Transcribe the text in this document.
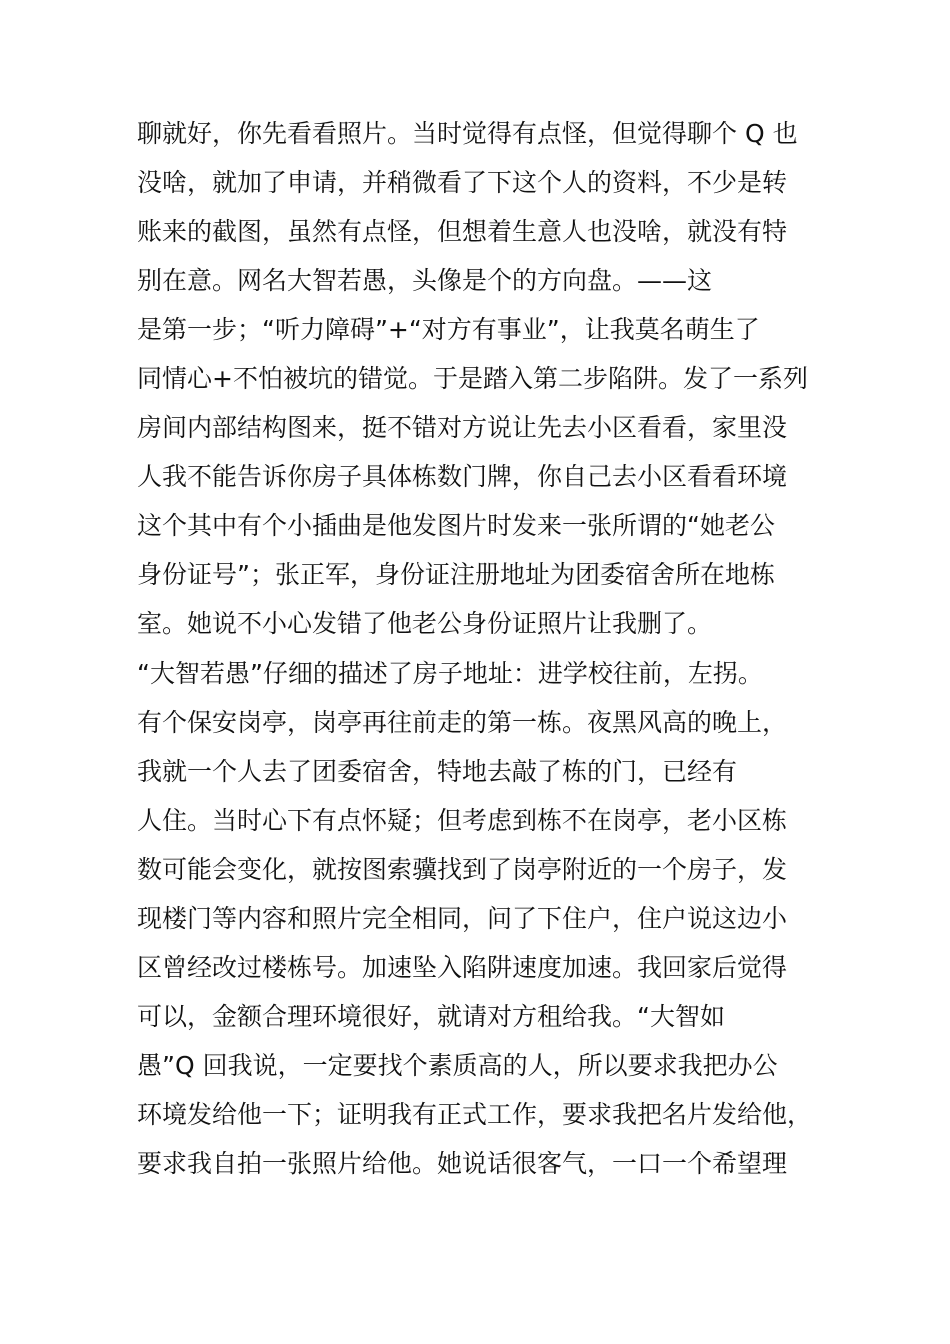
聊就好，你先看看照片。当时觉得有点怪，但觉得聊个 Q 也
没啥，就加了申请，并稍微看了下这个人的资料，不少是转
账来的截图，虽然有点怪，但想着生意人也没啥，就没有特
别在意。网名大智若愚，头像是个的方向盘。——这
是第一步；“听力障碍”+“对方有事业”，让我莫名萌生了
同情心+不怕被坑的错觉。于是踏入第二步陷阱。发了一系列
房间内部结构图来，挺不错对方说让先去小区看看，家里没
人我不能告诉你房子具体栋数门牌，你自己去小区看看环境
这个其中有个小插曲是他发图片时发来一张所谓的“她老公
身份证号”；张正军，身份证注册地址为团委宿舍所在地栋
室。她说不小心发错了他老公身份证照片让我删了。
“大智若愚”仔细的描述了房子地址：进学校往前，左拐。
有个保安岗亭，岗亭再往前走的第一栋。夜黑风高的晚上，
我就一个人去了团委宿舍，特地去敲了栋的门，已经有
人住。当时心下有点怀疑；但考虑到栋不在岗亭，老小区栋
数可能会变化，就按图索骥找到了岗亭附近的一个房子，发
现楼门等内容和照片完全相同，问了下住户，住户说这边小
区曾经改过楼栋号。加速坠入陷阱速度加速。我回家后觉得
可以，金额合理环境很好，就请对方租给我。“大智如
愚”Q 回我说，一定要找个素质高的人，所以要求我把办公
环境发给他一下；证明我有正式工作，要求我把名片发给他，
要求我自拍一张照片给他。她说话很客气，一口一个希望理
